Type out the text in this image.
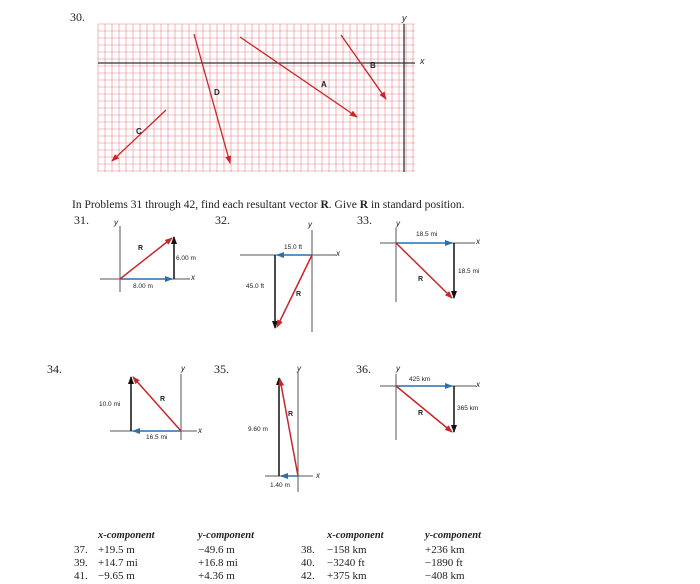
30.
x
y
A
B
C
D
In Problems 31 through 42, find each resultant vector R. Give R in standard position.
31.	y
x
R
6.00 m
8.00 m
32.	y
x
R
15.0 ft
45.0 ft
33.	y
x
R
18.5 mi
18.5 mi
34.	y
x
R
10.0 mi
16.5 mi
35.	y
x
R
9.60 m
1.40 m
36.	y
x
R
425 km
365 km
x-component	y-component	x-component	y-component
37. +19.5 m	−49.6 m	38. −158 km	+236 km
39. +14.7 mi	+16.8 mi	40. −3240 ft	−1890 ft
41. −9.65 m	+4.36 m	42. +375 km	−408 km
